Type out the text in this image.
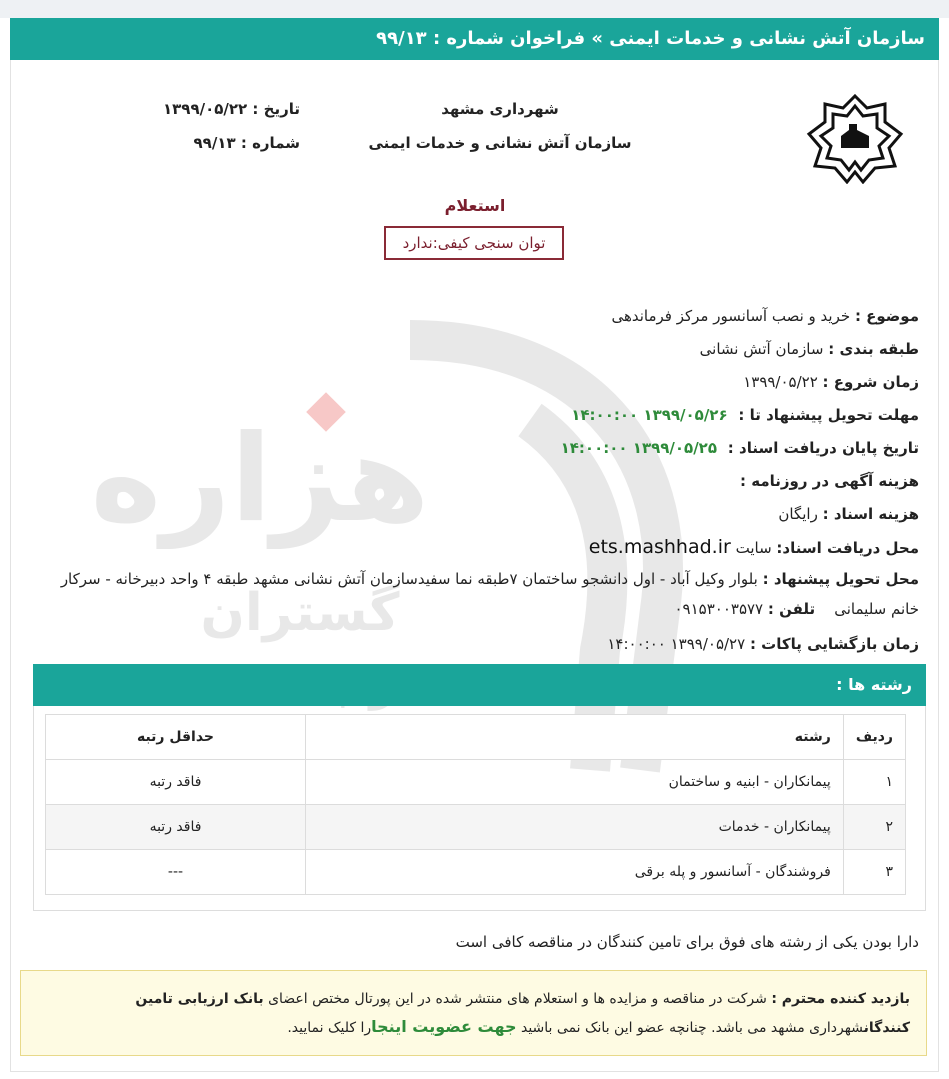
سازمان آتش نشانی و خدمات ایمنی » فراخوان شماره : ۹۹/۱۳
هزاره
گستران
شهرداری مشهد
سازمان آتش نشانی و خدمات ایمنی
تاریخ : ۱۳۹۹/۰۵/۲۲
شماره : ۹۹/۱۳
استعلام
توان سنجی کیفی:ندارد
موضوع : خرید و نصب آسانسور مرکز فرماندهی
طبقه بندی : سازمان آتش نشانی
زمان شروع : ۱۳۹۹/۰۵/۲۲
مهلت تحویل پیشنهاد تا : ۱۳۹۹/۰۵/۲۶ ۱۴:۰۰:۰۰
تاریخ پایان دریافت اسناد : ۱۳۹۹/۰۵/۲۵ ۱۴:۰۰:۰۰
هزینه آگهی در روزنامه :
هزینه اسناد : رایگان
محل دریافت اسناد: سایت ets.mashhad.ir
محل تحویل پیشنهاد : بلوار وکیل آباد - اول دانشجو ساختمان ۷طبقه نما سفیدسازمان آتش نشانی مشهد طبقه ۴ واحد دبیرخانه - سرکار خانم سلیمانی    تلفن : ۰۹۱۵۳۰۰۳۵۷۷
زمان بازگشایی پاکات : ۱۳۹۹/۰۵/۲۷ ۱۴:۰۰:۰۰
رشته ها :
ردیف	رشته	حداقل رتبه
۱	پیمانکاران - ابنیه و ساختمان	فاقد رتبه
۲	پیمانکاران - خدمات	فاقد رتبه
۳	فروشندگان - آسانسور و پله برقی	---
دارا بودن یکی از رشته های فوق برای تامین کنندگان در مناقصه کافی است
بازدید کننده محترم : شرکت در مناقصه و مزایده ها و استعلام های منتشر شده در این پورتال مختص اعضای بانک ارزیابی تامین کنندگانشهرداری مشهد می باشد. چنانچه عضو این بانک نمی باشید جهت عضویت اینجارا کلیک نمایید.
